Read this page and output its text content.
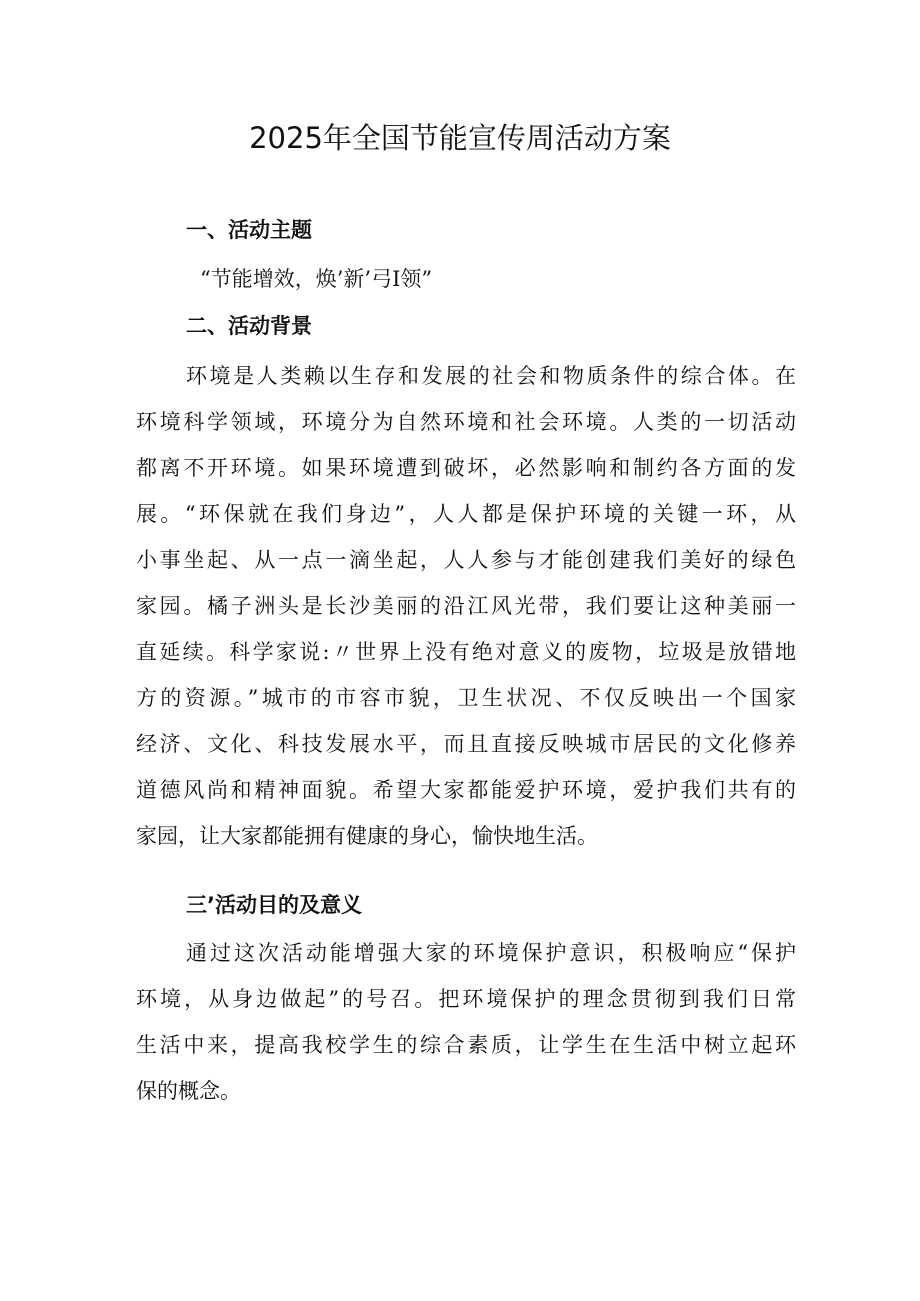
2025年全国节能宣传周活动方案
一、活动主题

“节能增效，焕’新’弓I领”

二、活动背景
环境是人类赖以生存和发展的社会和物质条件的综合体。在
环境科学领域，环境分为自然环境和社会环境。人类的一切活动
都离不开环境。如果环境遭到破坏，必然影响和制约各方面的发
展。“环保就在我们身边”，人人都是保护环境的关键一环，从
小事坐起、从一点一滴坐起，人人参与才能创建我们美好的绿色
家园。橘子洲头是长沙美丽的沿江风光带，我们要让这种美丽一
直延续。科学家说:〃世界上没有绝对意义的废物，垃圾是放错地
方的资源。”城市的市容市貌，卫生状况、不仅反映出一个国家
经济、文化、科技发展水平，而且直接反映城市居民的文化修养
道德风尚和精神面貌。希望大家都能爱护环境，爱护我们共有的
家园，让大家都能拥有健康的身心，愉快地生活。
三’活动目的及意义
通过这次活动能增强大家的环境保护意识，积极响应“保护
环境，从身边做起”的号召。把环境保护的理念贯彻到我们日常
生活中来，提高我校学生的综合素质，让学生在生活中树立起环
保的概念。
